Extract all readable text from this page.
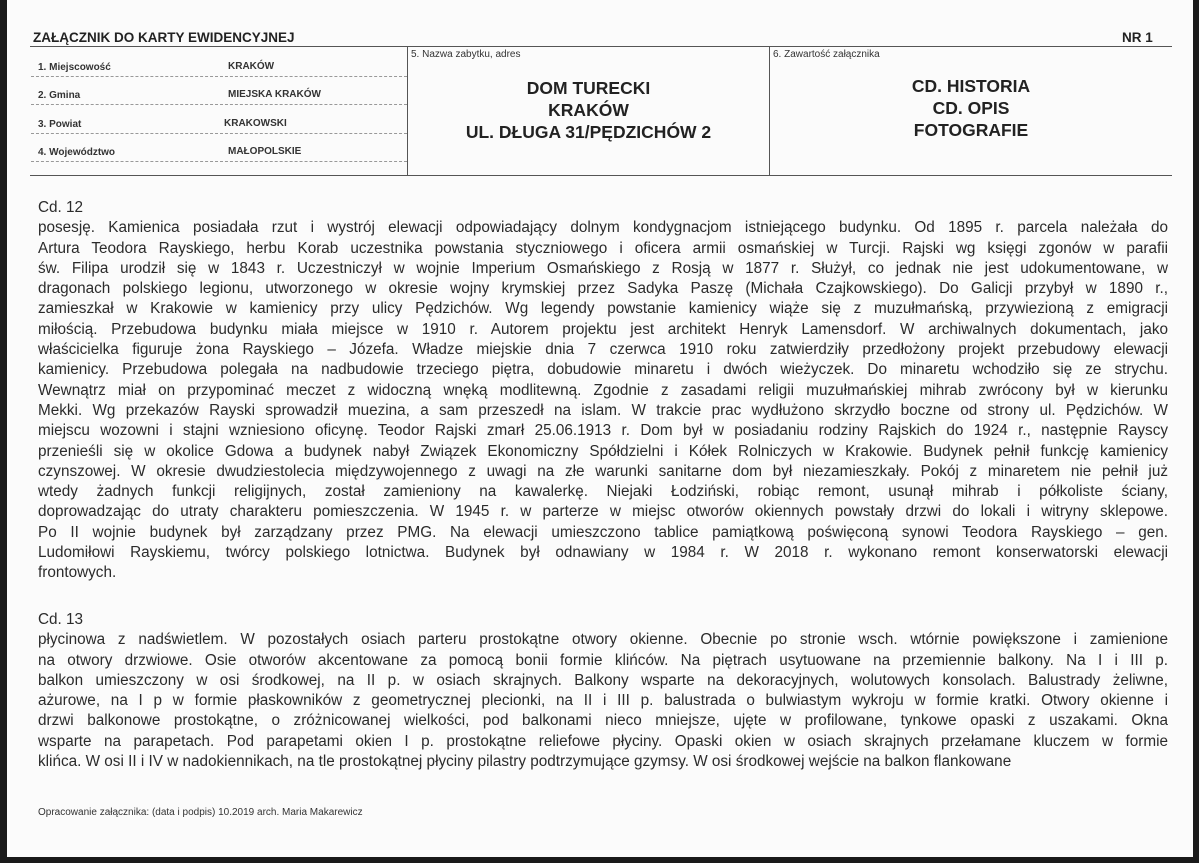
ZAŁĄCZNIK DO KARTY EWIDENCYJNEJ	NR 1
1. Miejscowość	KRAKÓW
2. Gmina	MIEJSKA KRAKÓW
3. Powiat	KRAKOWSKI
4. Województwo	MAŁOPOLSKIE
5. Nazwa zabytku, adres
DOM TURECKI
KRAKÓW
UL. DŁUGA 31/PĘDZICHÓW 2
6. Zawartość załącznika
CD. HISTORIA
CD. OPIS
FOTOGRAFIE
Cd. 12
posesję. Kamienica posiadała rzut i wystrój elewacji odpowiadający dolnym kondygnacjom istniejącego budynku. Od 1895 r. parcela należała do
Artura Teodora Rayskiego, herbu Korab uczestnika powstania styczniowego i oficera armii osmańskiej w Turcji. Rajski wg księgi zgonów w parafii
św. Filipa urodził się w 1843 r. Uczestniczył w wojnie Imperium Osmańskiego z Rosją w 1877 r. Służył, co jednak nie jest udokumentowane, w
dragonach polskiego legionu, utworzonego w okresie wojny krymskiej przez Sadyka Paszę (Michała Czajkowskiego). Do Galicji przybył w 1890 r.,
zamieszkał w Krakowie w kamienicy przy ulicy Pędzichów. Wg legendy powstanie kamienicy wiąże się z muzułmańską, przywiezioną z emigracji
miłością. Przebudowa budynku miała miejsce w 1910 r. Autorem projektu jest architekt Henryk Lamensdorf. W archiwalnych dokumentach, jako
właścicielka figuruje żona Rayskiego – Józefa. Władze miejskie dnia 7 czerwca 1910 roku zatwierdziły przedłożony projekt przebudowy elewacji
kamienicy. Przebudowa polegała na nadbudowie trzeciego piętra, dobudowie minaretu i dwóch wieżyczek. Do minaretu wchodziło się ze strychu.
Wewnątrz miał on przypominać meczet z widoczną wnęką modlitewną. Zgodnie z zasadami religii muzułmańskiej mihrab zwrócony był w kierunku
Mekki. Wg przekazów Rayski sprowadził muezina, a sam przeszedł na islam. W trakcie prac wydłużono skrzydło boczne od strony ul. Pędzichów. W
miejscu wozowni i stajni wzniesiono oficynę. Teodor Rajski zmarł 25.06.1913 r. Dom był w posiadaniu rodziny Rajskich do 1924 r., następnie Rayscy
przenieśli się w okolice Gdowa a budynek nabył Związek Ekonomiczny Spółdzielni i Kółek Rolniczych w Krakowie. Budynek pełnił funkcję kamienicy
czynszowej. W okresie dwudziestolecia międzywojennego z uwagi na złe warunki sanitarne dom był niezamieszkały. Pokój z minaretem nie pełnił już
wtedy żadnych funkcji religijnych, został zamieniony na kawalerkę. Niejaki Łodziński, robiąc remont, usunął mihrab i półkoliste ściany,
doprowadzając do utraty charakteru pomieszczenia. W 1945 r. w parterze w miejsc otworów okiennych powstały drzwi do lokali i witryny sklepowe.
Po II wojnie budynek był zarządzany przez PMG. Na elewacji umieszczono tablice pamiątkową poświęconą synowi Teodora Rayskiego – gen.
Ludomiłowi Rayskiemu, twórcy polskiego lotnictwa. Budynek był odnawiany w 1984 r. W 2018 r. wykonano remont konserwatorski elewacji
frontowych.
Cd. 13
płycinowa z nadświetlem. W pozostałych osiach parteru prostokątne otwory okienne. Obecnie po stronie wsch. wtórnie powiększone i zamienione
na otwory drzwiowe. Osie otworów akcentowane za pomocą bonii formie klińców. Na piętrach usytuowane na przemiennie balkony. Na I i III p.
balkon umieszczony w osi środkowej, na II p. w osiach skrajnych. Balkony wsparte na dekoracyjnych, wolutowych konsolach. Balustrady żeliwne,
ażurowe, na I p w formie płaskowników z geometrycznej plecionki, na II i III p. balustrada o bulwiastym wykroju w formie kratki. Otwory okienne i
drzwi balkonowe prostokątne, o zróżnicowanej wielkości, pod balkonami nieco mniejsze, ujęte w profilowane, tynkowe opaski z uszakami. Okna
wsparte na parapetach. Pod parapetami okien I p. prostokątne reliefowe płyciny. Opaski okien w osiach skrajnych przełamane kluczem w formie
klińca. W osi II i IV w nadokiennikach, na tle prostokątnej płyciny pilastry podtrzymujące gzymsy. W osi środkowej wejście na balkon flankowane
Opracowanie załącznika: (data i podpis) 10.2019 arch. Maria Makarewicz
